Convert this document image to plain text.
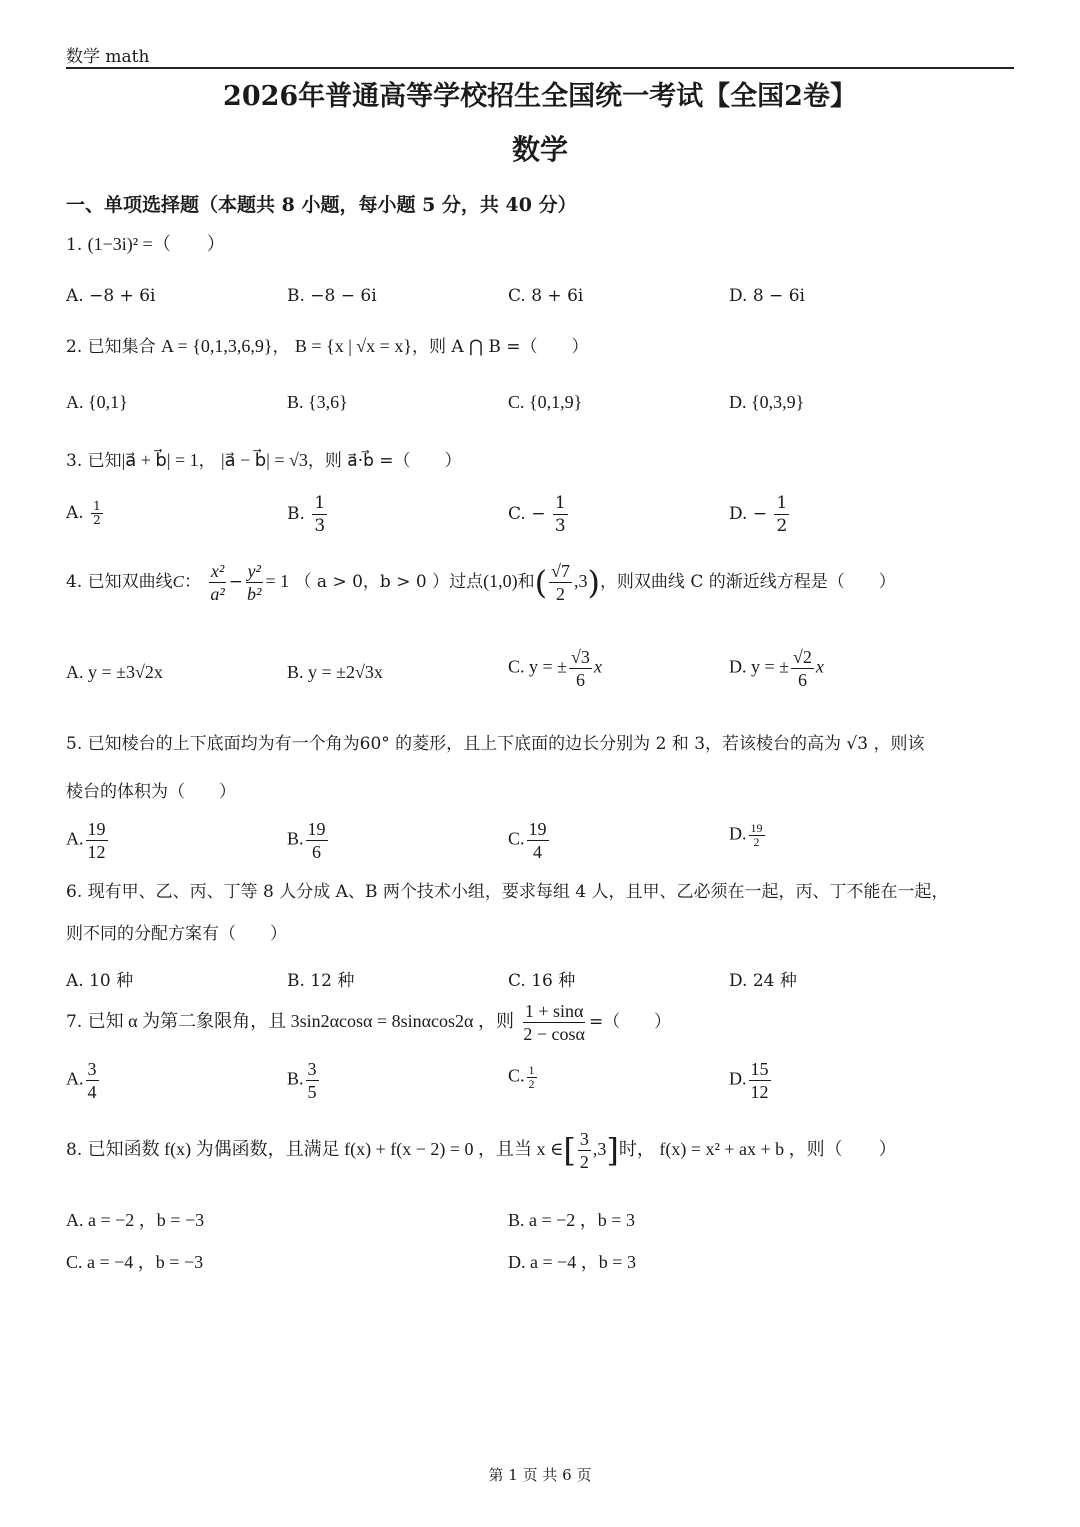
数学 math
2026年普通高等学校招生全国统一考试【全国2卷】
数学
一、单项选择题（本题共 8 小题，每小题 5 分，共 40 分）
1. (1−3i)² =（　　）
A. −8 + 6i	B. −8 − 6i	C. 8 + 6i	D. 8 − 6i
2. 已知集合 A = {0,1,3,6,9}， B = {x | √x = x}，则 A ⋂ B =（　　）
A. {0,1}	B. {3,6}	C. {0,1,9}	D. {0,3,9}
3. 已知|a⃗ + b⃗| = 1， |a⃗ − b⃗| = √3，则 a⃗·b⃗ =（　　）
A. $\frac{1}{2}$	B. $\frac{1}{3}$	C. − $\frac{1}{3}$	D. − $\frac{1}{2}$
4. 已知双曲线C： $\frac{\text{x²}}{\text{a²}} - \frac{\text{y²}}{\text{b²}} = 1$ （ a > 0，b > 0 ）过点(1,0)和( $\frac{√7}{2} ,3$)，则双曲线 C 的渐近线方程是（　　）
A. y = ±3√2x	B. y = ±2√3x	C. y = ± $\frac{√3}{6}$ x	D. y = ± $\frac{√2}{6}$ x
5. 已知棱台的上下底面均为有一个角为60° 的菱形，且上下底面的边长分别为 2 和 3，若该棱台的高为 √3 ，则该
棱台的体积为（　　）
A. $\frac{19}{12}$	B. $\frac{19}{6}$	C. $\frac{19}{4}$	D. $\frac{19}{2}$
6. 现有甲、乙、丙、丁等 8 人分成 A、B 两个技术小组，要求每组 4 人，且甲、乙必须在一起，丙、丁不能在一起，
则不同的分配方案有（　　）
A. 10 种	B. 12 种	C. 16 种	D. 24 种
7. 已知 α 为第二象限角，且 3sin2αcosα = 8sinαcos2α ，则 $\frac{1 + \sin\alpha}{2 - \cos\alpha}$ =（　　）
A. $\frac{3}{4}$	B. $\frac{3}{5}$	C. $\frac{1}{2}$	D. $\frac{15}{12}$
8. 已知函数 f(x) 为偶函数，且满足 f(x) + f(x − 2) = 0 ，且当 x ∈[ $\frac{3}{2} ,3$]时， f(x) = x² + ax + b ，则（　　）
A. a = −2 ，b = −3	B. a = −2 ，b = 3
C. a = −4 ，b = −3	D. a = −4 ，b = 3
第 1 页 共 6 页
